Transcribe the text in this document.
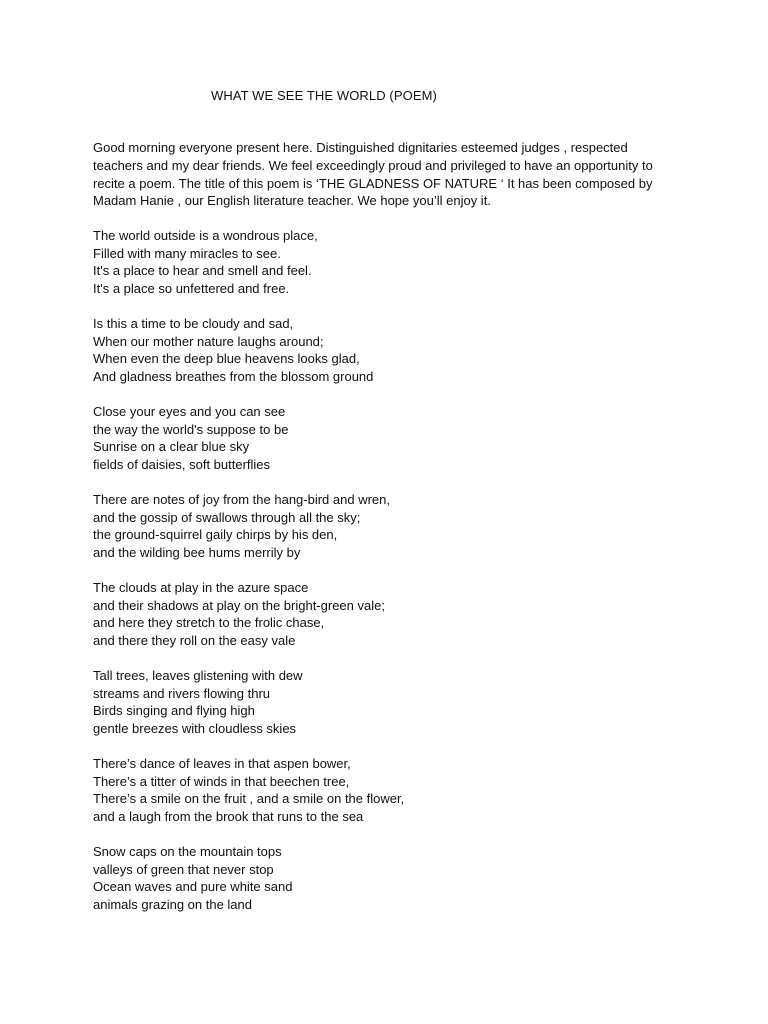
WHAT WE SEE THE WORLD (POEM)
Good morning everyone present here. Distinguished dignitaries esteemed judges , respected
teachers and my dear friends. We feel exceedingly proud and privileged to have an opportunity to
recite a poem. The title of this poem is ‘THE GLADNESS OF NATURE ‘ It has been composed by
Madam Hanie , our English literature teacher. We hope you’ll enjoy it.
The world outside is a wondrous place,
Filled with many miracles to see.
It's a place to hear and smell and feel.
It's a place so unfettered and free.
Is this a time to be cloudy and sad,
When our mother nature laughs around;
When even the deep blue heavens looks glad,
And gladness breathes from the blossom ground
Close your eyes and you can see
the way the world's suppose to be
Sunrise on a clear blue sky
fields of daisies, soft butterflies
There are notes of joy from the hang-bird and wren,
and the gossip of swallows through all the sky;
the ground-squirrel gaily chirps by his den,
and the wilding bee hums merrily by
The clouds at play in the azure space
and their shadows at play on the bright-green vale;
and here they stretch to the frolic chase,
and there they roll on the easy vale
Tall trees, leaves glistening with dew
streams and rivers flowing thru
Birds singing and flying high
gentle breezes with cloudless skies
There’s dance of leaves in that aspen bower,
There’s a titter of winds in that beechen tree,
There’s a smile on the fruit , and a smile on the flower,
and a laugh from the brook that runs to the sea
Snow caps on the mountain tops
valleys of green that never stop
Ocean waves and pure white sand
animals grazing on the land
